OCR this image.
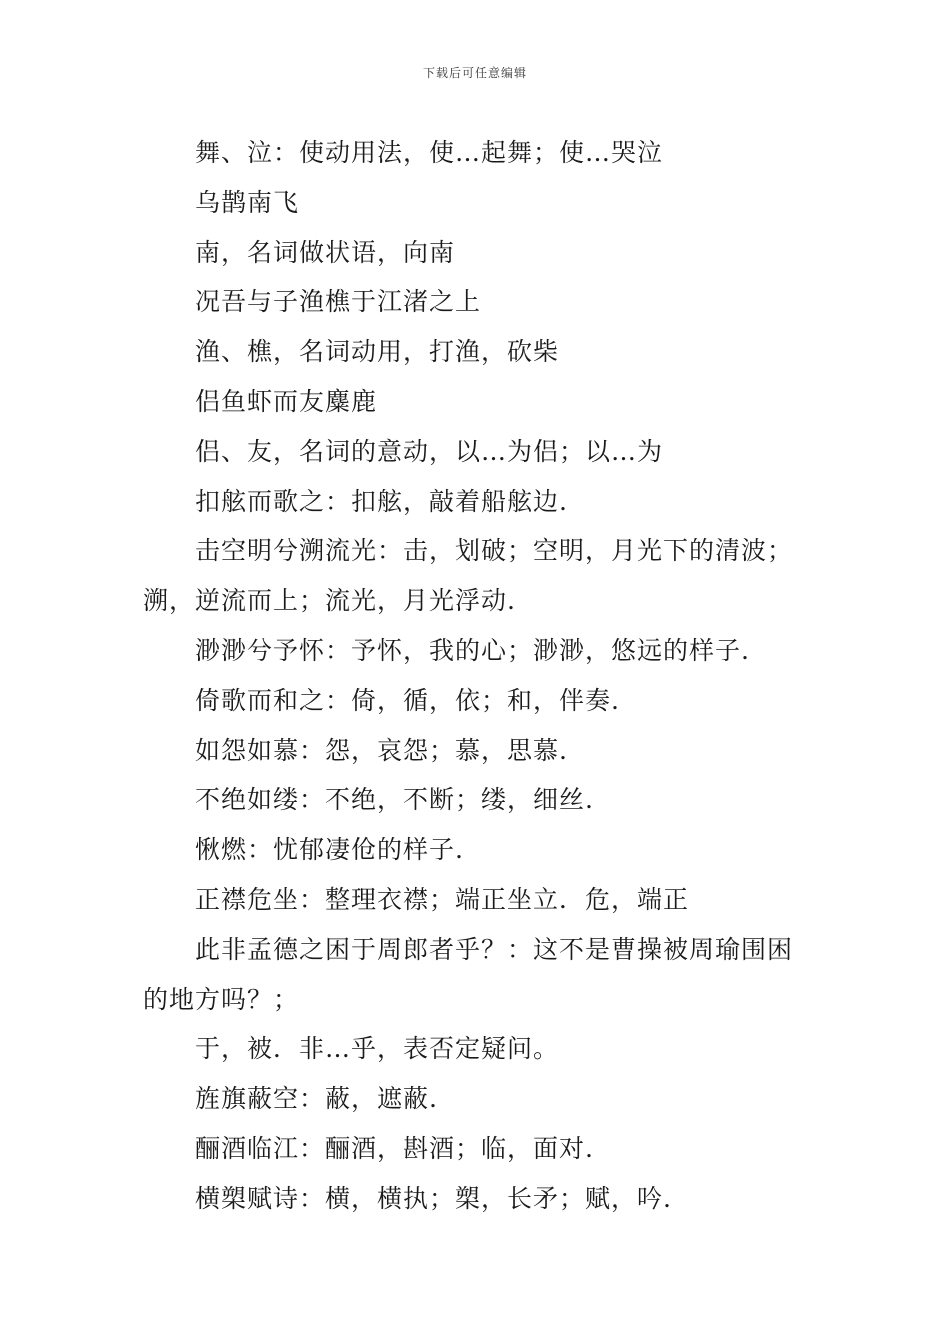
下载后可任意编辑

舞、泣：使动用法，使…起舞；使…哭泣

乌鹊南飞

南，名词做状语，向南

况吾与子渔樵于江渚之上

渔、樵，名词动用，打渔，砍柴

侣鱼虾而友麋鹿

侣、友，名词的意动，以…为侣；以…为

扣舷而歌之：扣舷，敲着船舷边.

击空明兮溯流光：击，划破；空明，月光下的清波；溯，逆流而上；流光，月光浮动.

渺渺兮予怀：予怀，我的心；渺渺，悠远的样子.

倚歌而和之：倚，循，依；和，伴奏.

如怨如慕：怨，哀怨；慕，思慕.

不绝如缕：不绝，不断；缕，细丝.

愀燃：忧郁凄伧的样子.

正襟危坐：整理衣襟；端正坐立．危，端正

此非孟德之困于周郎者乎？：这不是曹操被周瑜围困的地方吗？；

于，被．非…乎，表否定疑问。

旌旗蔽空：蔽，遮蔽.

酾酒临江：酾酒，斟酒；临，面对.

横槊赋诗：横，横执；槊，长矛；赋，吟.
